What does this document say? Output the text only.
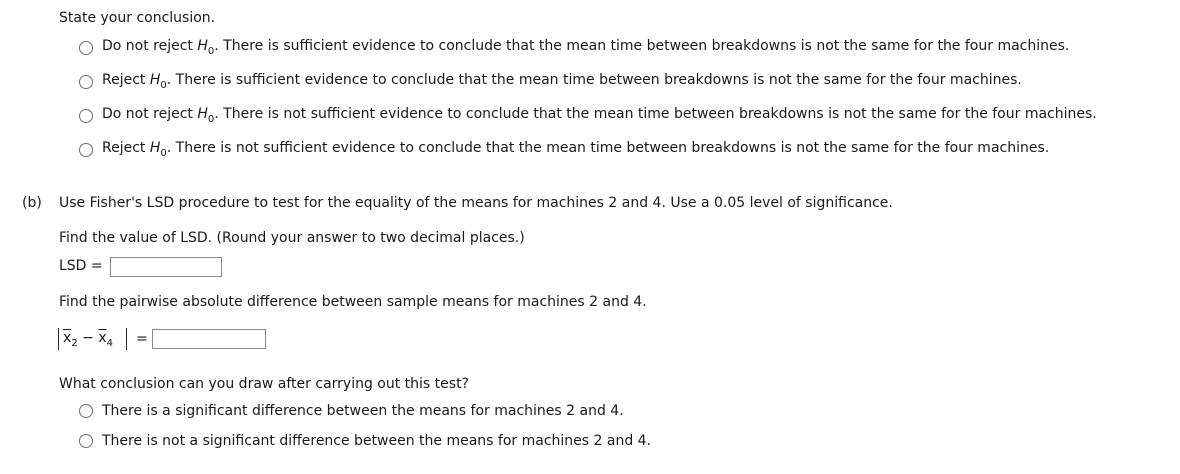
State your conclusion.
Do not reject $H_0$. There is sufficient evidence to conclude that the mean time between breakdowns is not the same for the four machines.
Reject $H_0$. There is sufficient evidence to conclude that the mean time between breakdowns is not the same for the four machines.
Do not reject $H_0$. There is not sufficient evidence to conclude that the mean time between breakdowns is not the same for the four machines.
Reject $H_0$. There is not sufficient evidence to conclude that the mean time between breakdowns is not the same for the four machines.
(b) Use Fisher's LSD procedure to test for the equality of the means for machines 2 and 4. Use a 0.05 level of significance.
Find the value of LSD. (Round your answer to two decimal places.)
LSD =
Find the pairwise absolute difference between sample means for machines 2 and 4.
$\overline{x}_2 - \overline{x}_4$ =
What conclusion can you draw after carrying out this test?
There is a significant difference between the means for machines 2 and 4.
There is not a significant difference between the means for machines 2 and 4.
